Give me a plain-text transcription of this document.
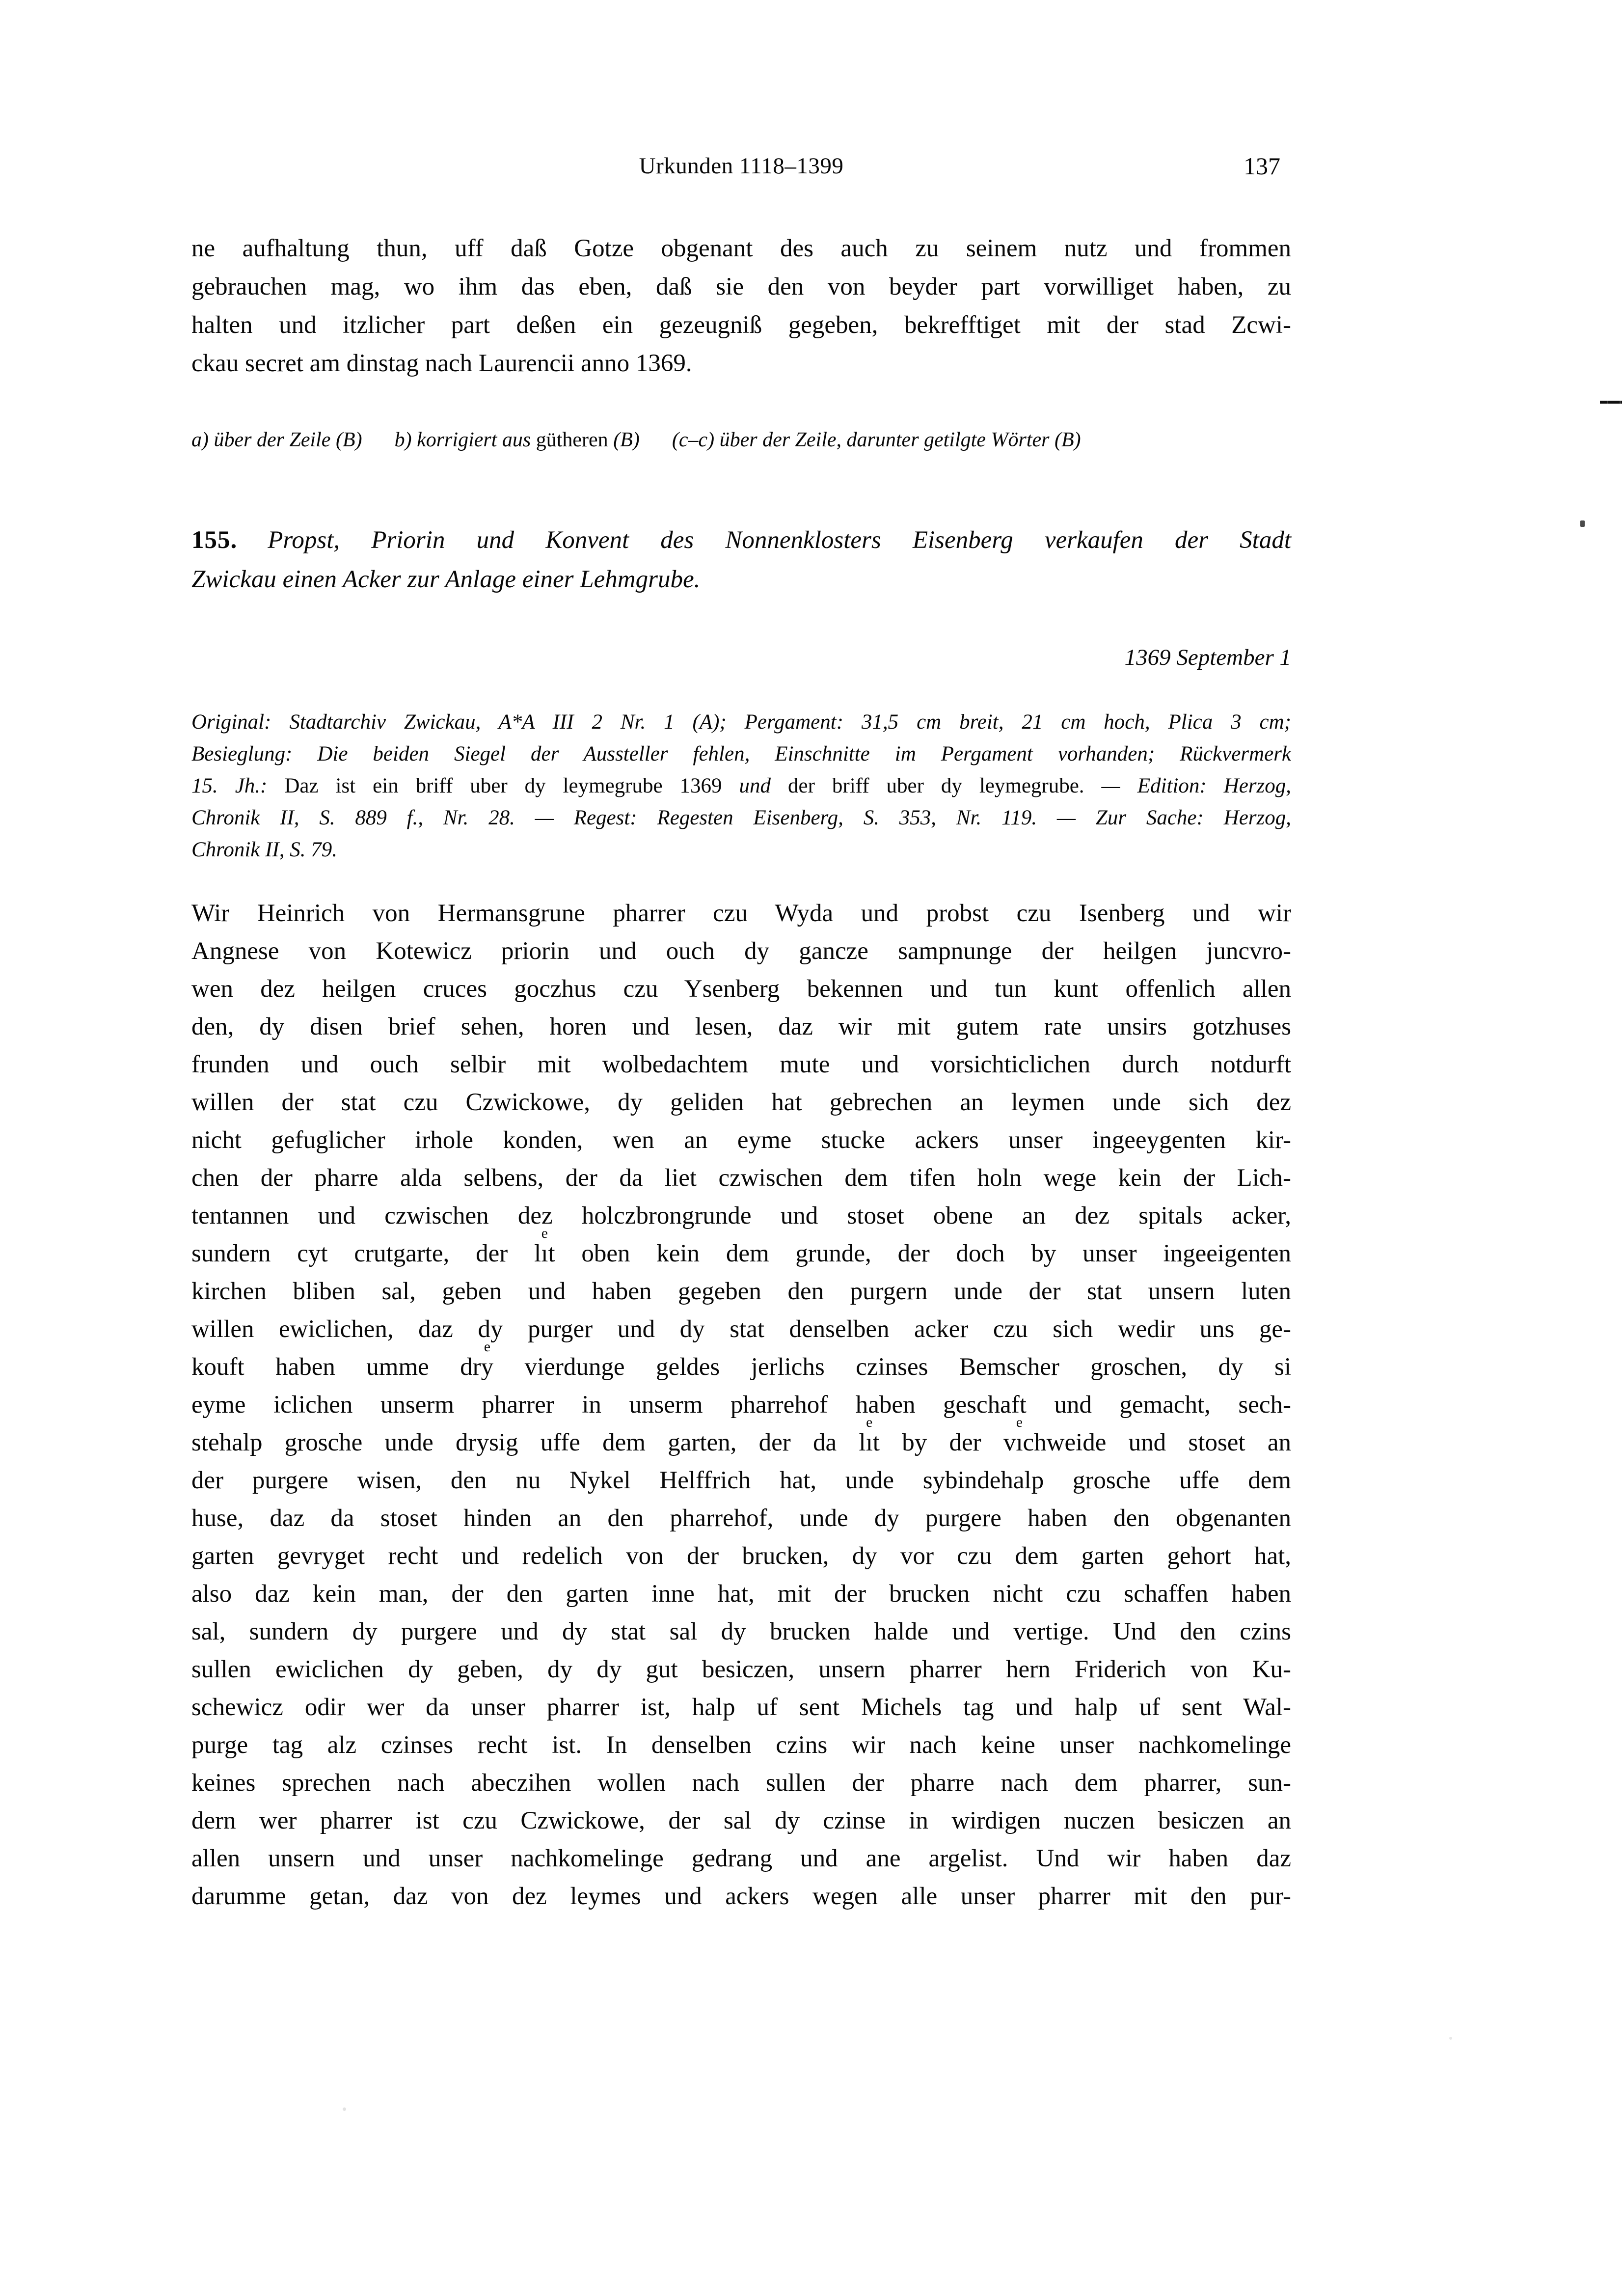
Urkunden 1118–1399	137
ne aufhaltung thun, uff daß Gotze obgenant des auch zu seinem nutz und frommen
gebrauchen mag, wo ihm das eben, daß sie den von beyder part vorwilliget haben, zu
halten und itzlicher part deßen ein gezeugniß gegeben, bekrefftiget mit der stad Zcwi-
ckau secret am dinstag nach Laurencii anno 1369.
a) über der Zeile (B) b) korrigiert aus gütheren (B) (c–c) über der Zeile, darunter getilgte Wörter (B)
155. Propst, Priorin und Konvent des Nonnenklosters Eisenberg verkaufen der Stadt
Zwickau einen Acker zur Anlage einer Lehmgrube.
1369 September 1
Original: Stadtarchiv Zwickau, A*A III 2 Nr. 1 (A); Pergament: 31,5 cm breit, 21 cm hoch, Plica 3 cm;
Besieglung: Die beiden Siegel der Aussteller fehlen, Einschnitte im Pergament vorhanden; Rückvermerk
15. Jh.: Daz ist ein briff uber dy leymegrube 1369 und der briff uber dy leymegrube. — Edition: Herzog,
Chronik II, S. 889 f., Nr. 28. — Regest: Regesten Eisenberg, S. 353, Nr. 119. — Zur Sache: Herzog,
Chronik II, S. 79.
Wir Heinrich von Hermansgrune pharrer czu Wyda und probst czu Isenberg und wir
Angnese von Kotewicz priorin und ouch dy gancze sampnunge der heilgen juncvro-
wen dez heilgen cruces goczhus czu Ysenberg bekennen und tun kunt offenlich allen
den, dy disen brief sehen, horen und lesen, daz wir mit gutem rate unsirs gotzhuses
frunden und ouch selbir mit wolbedachtem mute und vorsichticlichen durch notdurft
willen der stat czu Czwickowe, dy geliden hat gebrechen an leymen unde sich dez
nicht gefuglicher irhole konden, wen an eyme stucke ackers unser ingeeygenten kir-
chen der pharre alda selbens, der da liet czwischen dem tifen holn wege kein der Lich-
tentannen und czwischen dez holczbrongrunde und stoset obene an dez spitals acker,
sundern cyt crutgarte, der lı
e
t oben kein dem grunde, der doch by unser ingeeigenten
kirchen bliben sal, geben und haben gegeben den purgern unde der stat unsern luten
willen ewiclichen, daz dy purger und dy stat denselben acker czu sich wedir uns ge-
kouft haben umme dry
e
vierdunge geldes jerlichs czinses Bemscher groschen, dy si
eyme iclichen unserm pharrer in unserm pharrehof haben geschaft und gemacht, sech-
stehalp grosche unde drysig uffe dem garten, der da lı
e
t by der vı
e
chweide und stoset an
der purgere wisen, den nu Nykel Helffrich hat, unde sybindehalp grosche uffe dem
huse, daz da stoset hinden an den pharrehof, unde dy purgere haben den obgenanten
garten gevryget recht und redelich von der brucken, dy vor czu dem garten gehort hat,
also daz kein man, der den garten inne hat, mit der brucken nicht czu schaffen haben
sal, sundern dy purgere und dy stat sal dy brucken halde und vertige. Und den czins
sullen ewiclichen dy geben, dy dy gut besiczen, unsern pharrer hern Friderich von Ku-
schewicz odir wer da unser pharrer ist, halp uf sent Michels tag und halp uf sent Wal-
purge tag alz czinses recht ist. In denselben czins wir nach keine unser nachkomelinge
keines sprechen nach abeczihen wollen nach sullen der pharre nach dem pharrer, sun-
dern wer pharrer ist czu Czwickowe, der sal dy czinse in wirdigen nuczen besiczen an
allen unsern und unser nachkomelinge gedrang und ane argelist. Und wir haben daz
darumme getan, daz von dez leymes und ackers wegen alle unser pharrer mit den pur-
